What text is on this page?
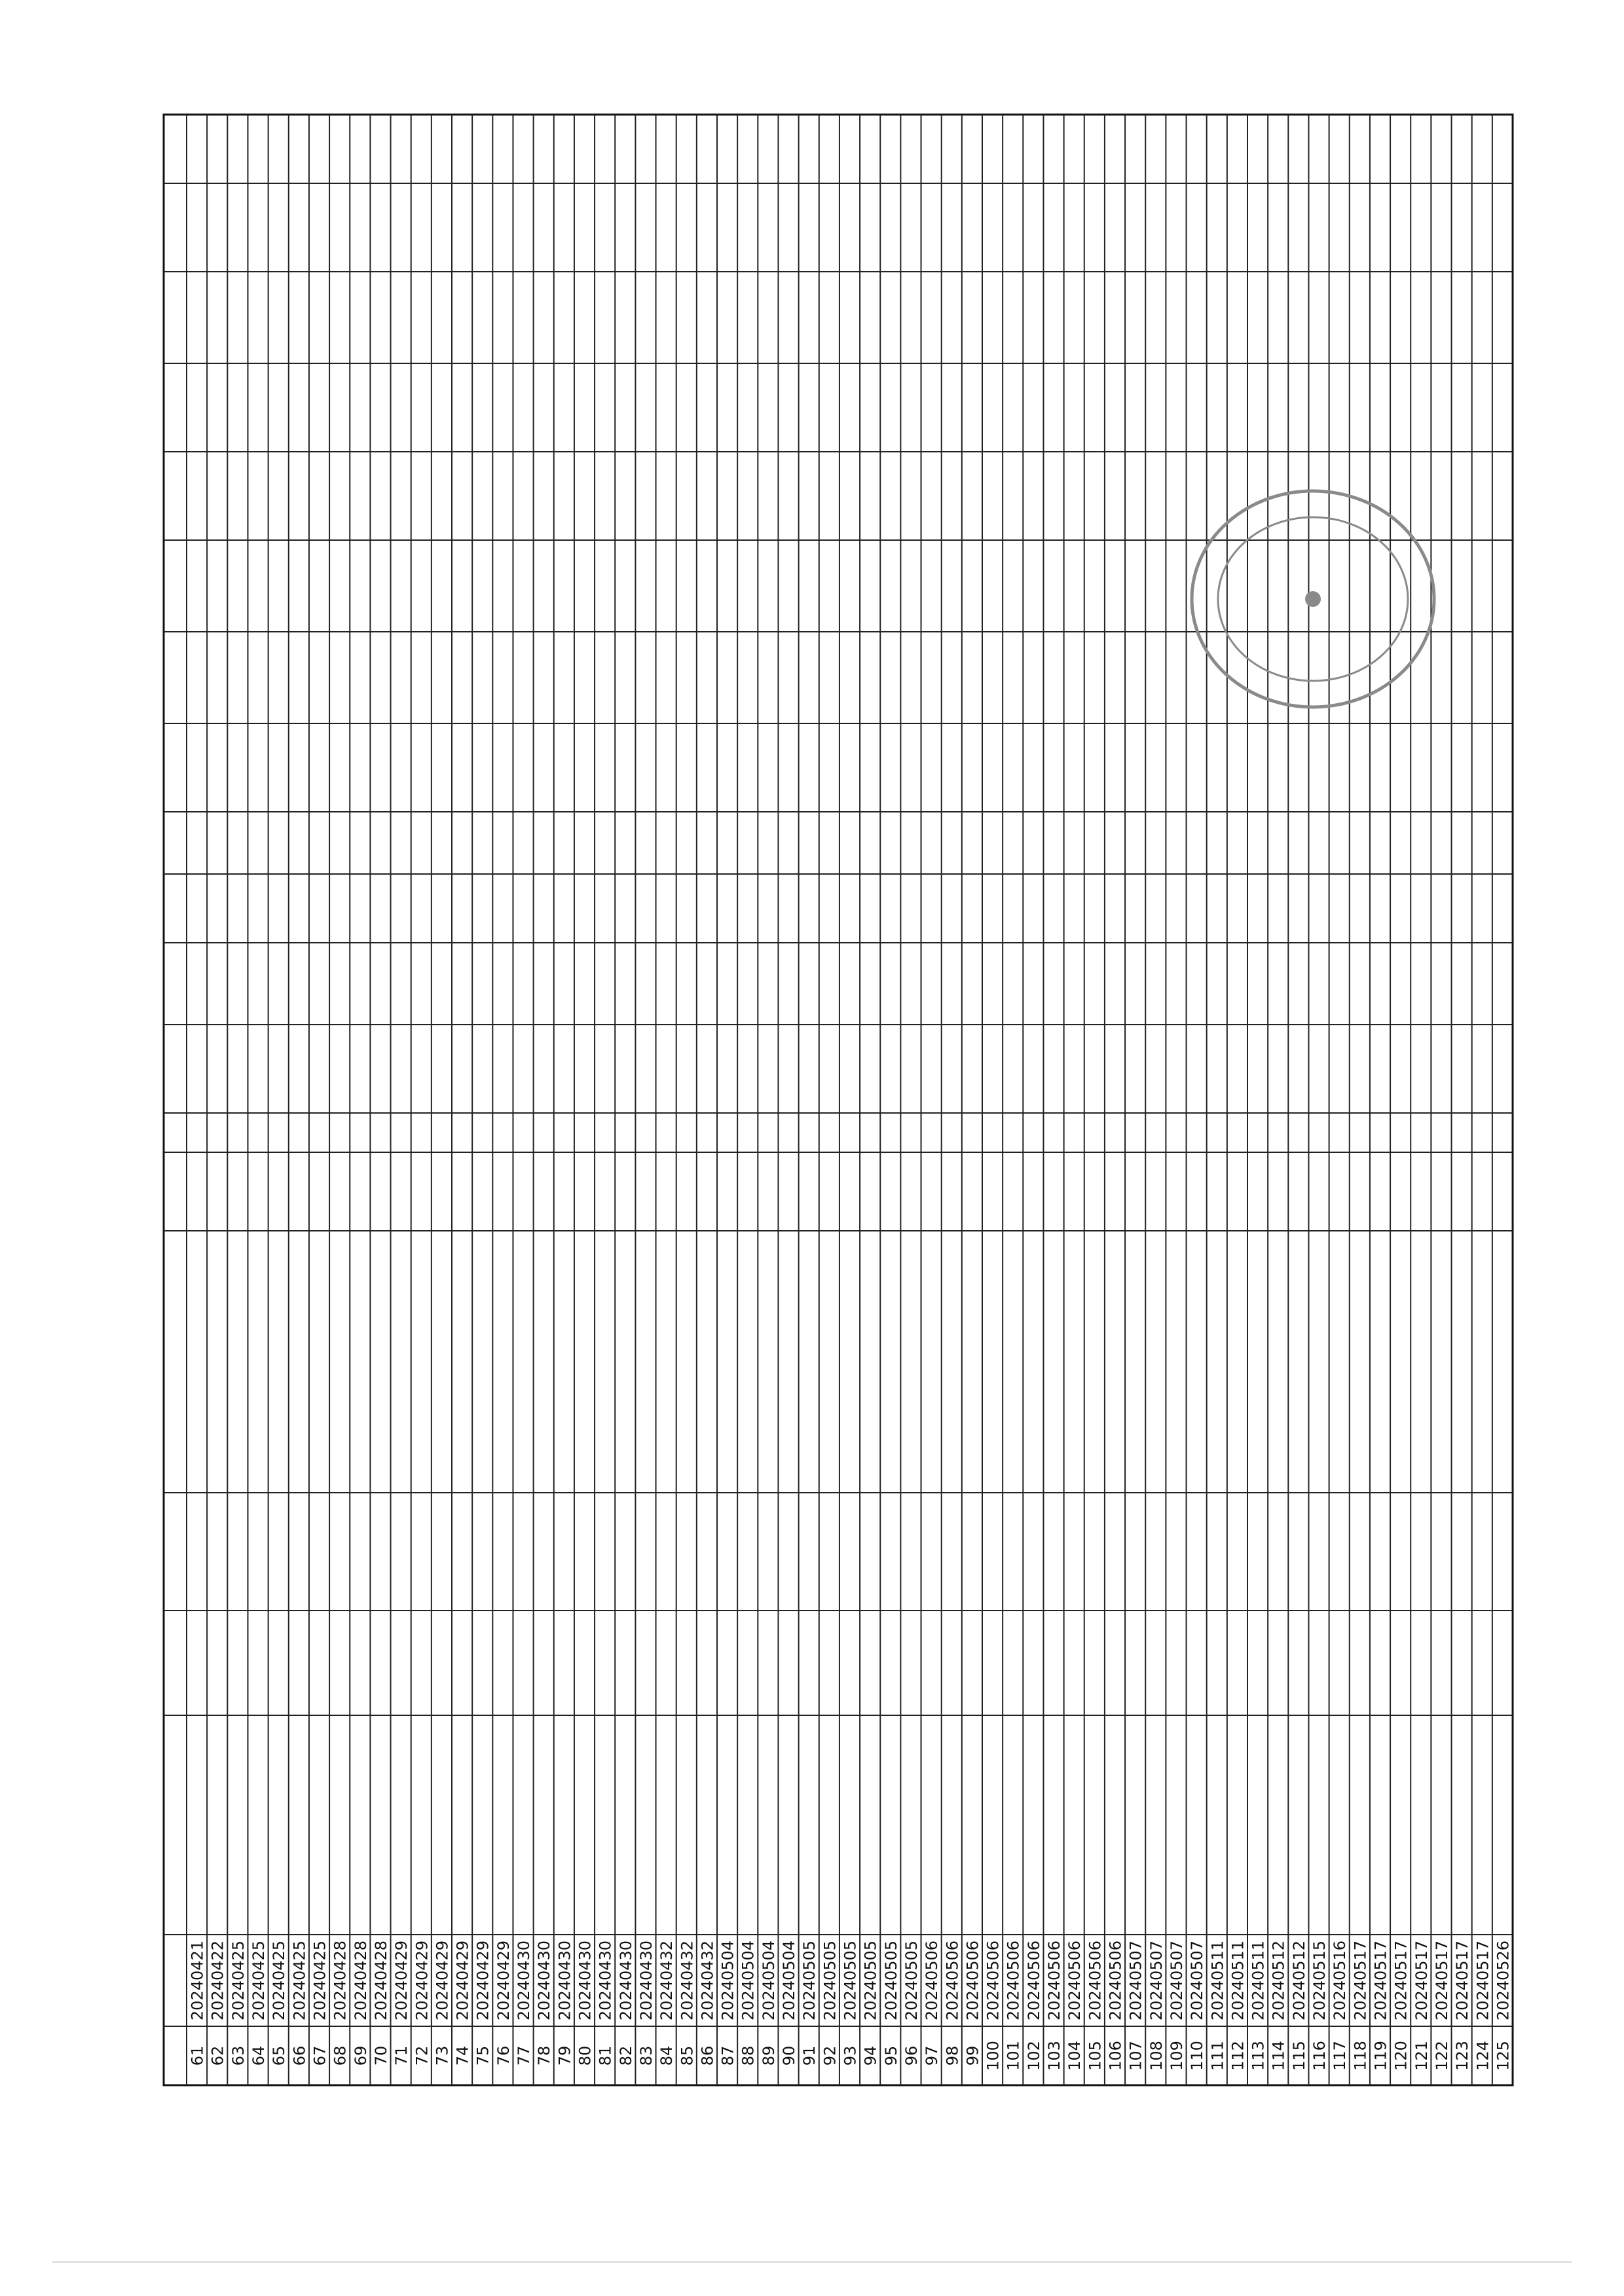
61
20240421
62
20240422
63
20240425
64
20240425
65
20240425
66
20240425
67
20240425
68
20240428
69
20240428
70
20240428
71
20240429
72
20240429
73
20240429
74
20240429
75
20240429
76
20240429
77
20240430
78
20240430
79
20240430
80
20240430
81
20240430
82
20240430
83
20240430
84
20240432
85
20240432
86
20240432
87
20240504
88
20240504
89
20240504
90
20240504
91
20240505
92
20240505
93
20240505
94
20240505
95
20240505
96
20240505
97
20240506
98
20240506
99
20240506
100
20240506
101
20240506
102
20240506
103
20240506
104
20240506
105
20240506
106
20240506
107
20240507
108
20240507
109
20240507
110
20240507
111
20240511
112
20240511
113
20240511
114
20240512
115
20240512
116
20240515
117
20240516
118
20240517
119
20240517
120
20240517
121
20240517
122
20240517
123
20240517
124
20240517
125
20240526
